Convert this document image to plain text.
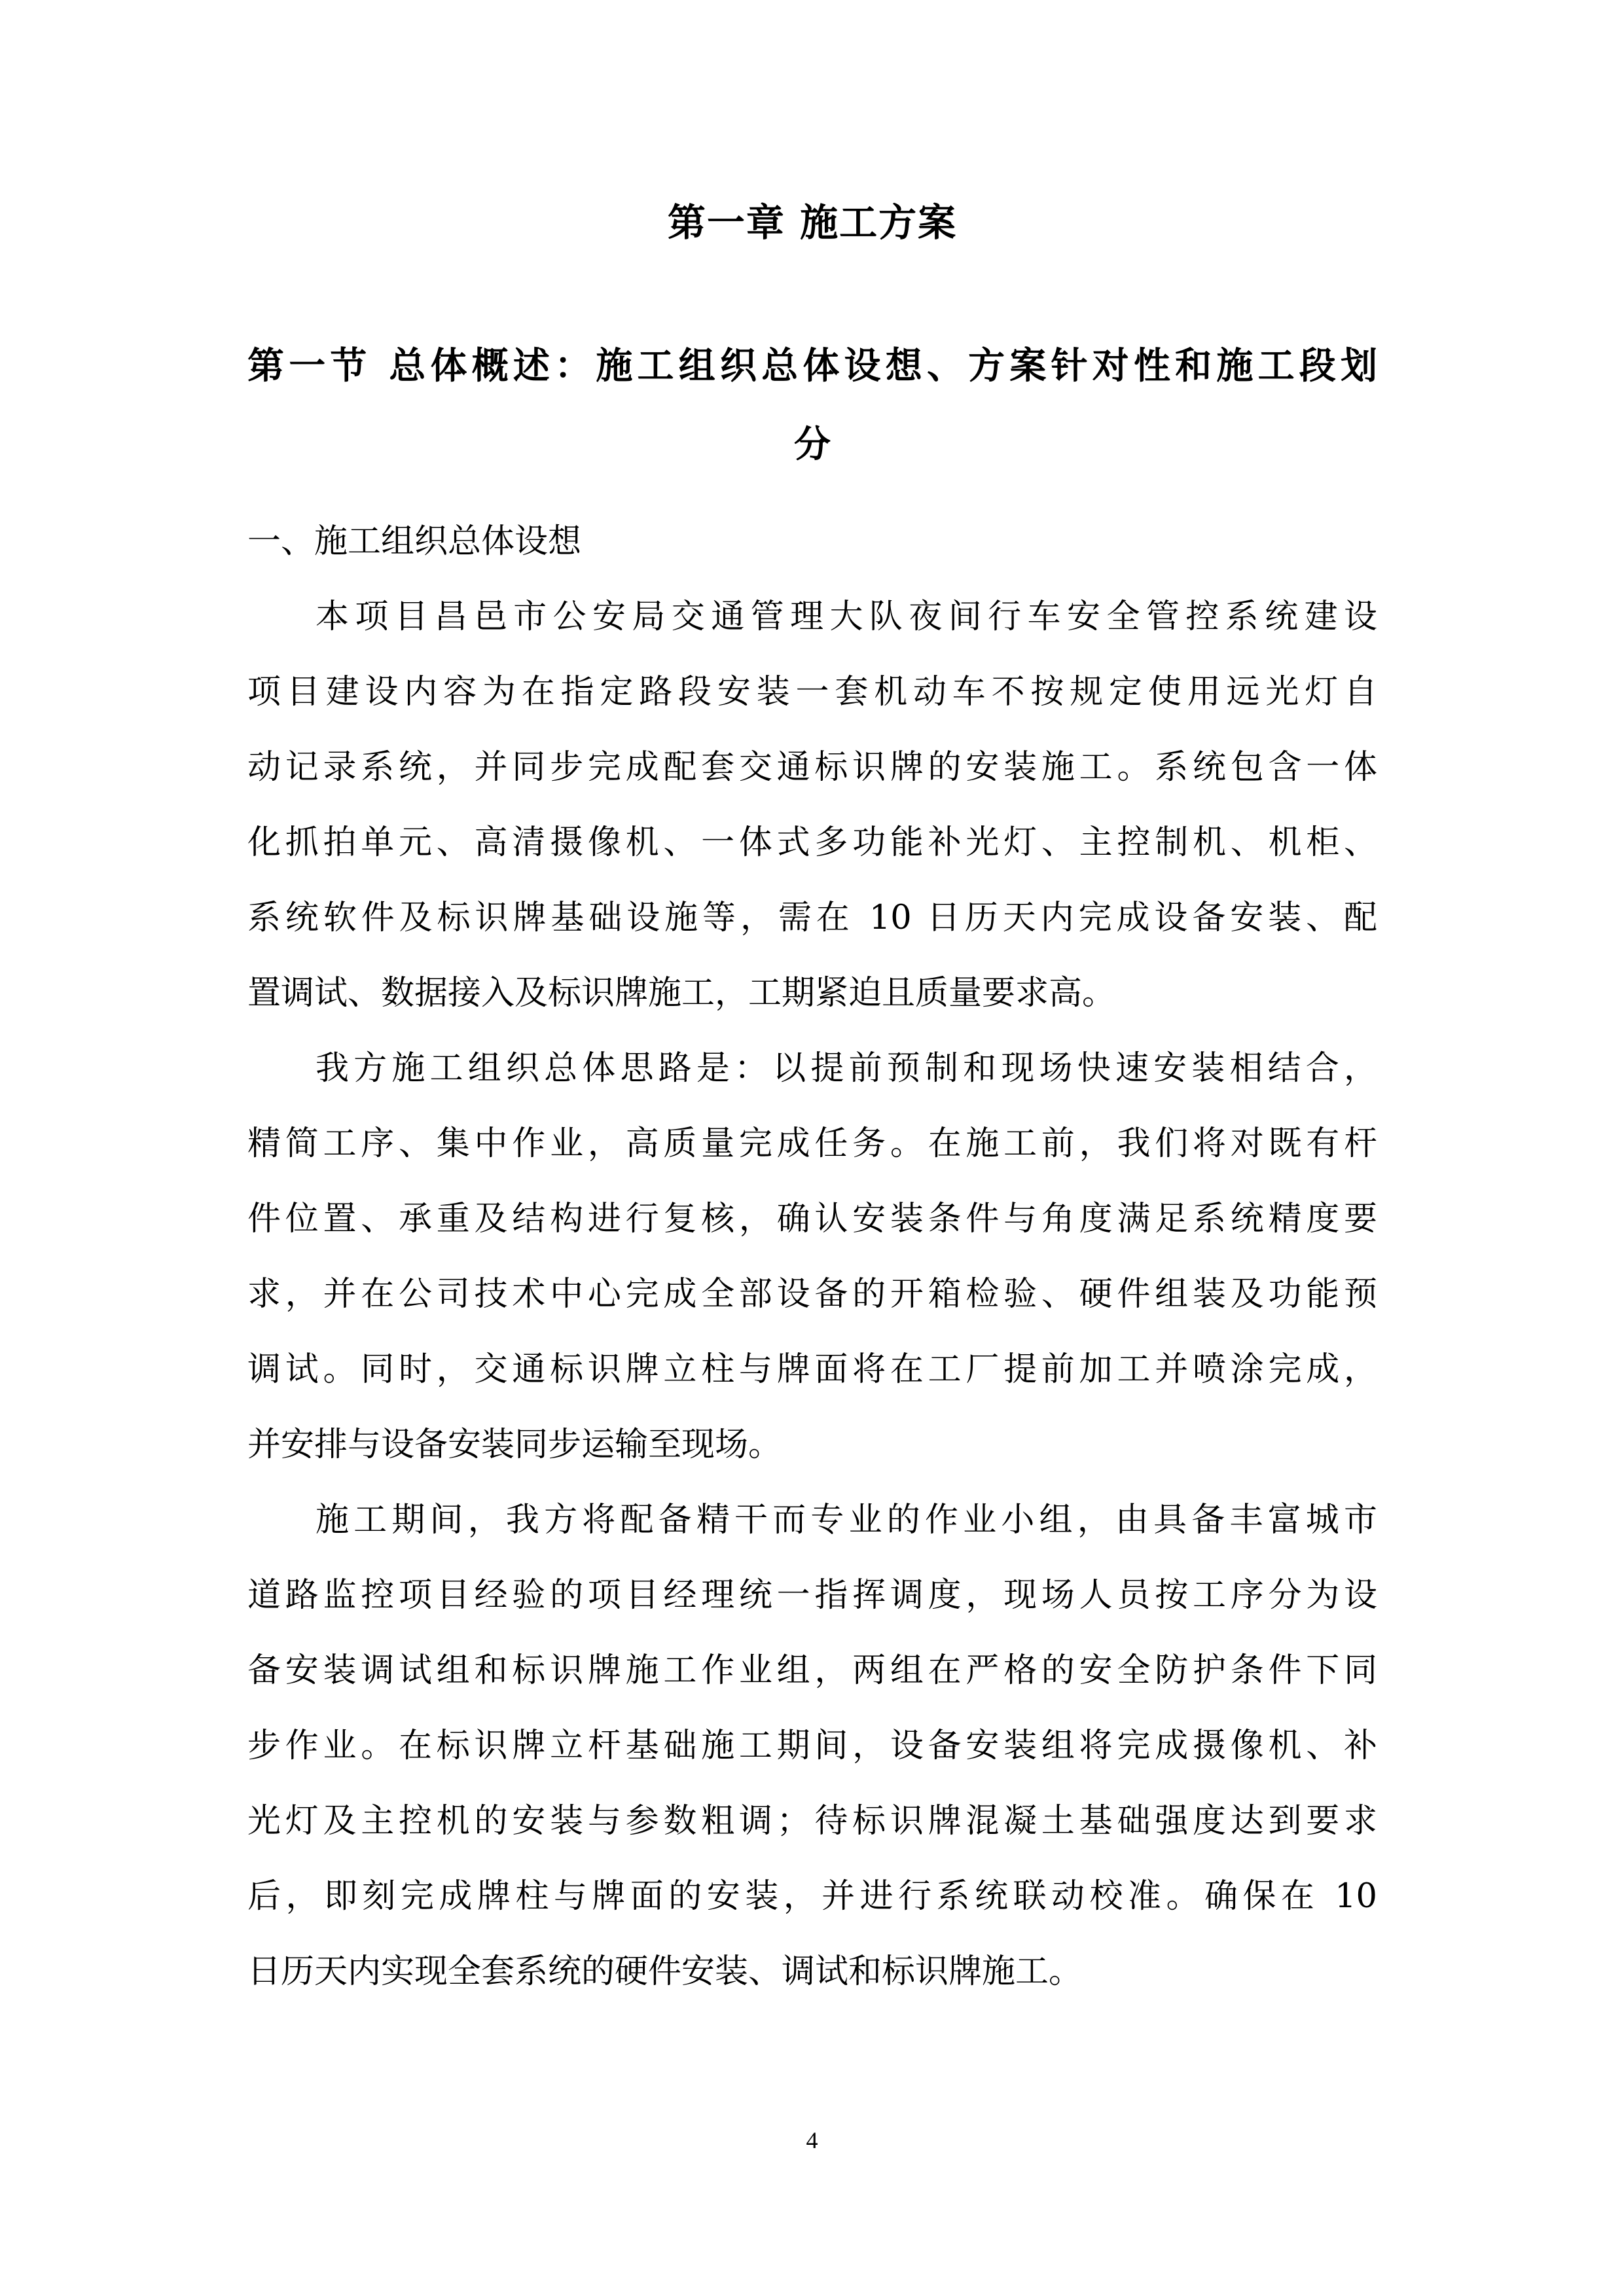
第一章 施工方案
第一节 总体概述：施工组织总体设想、方案针对性和施工段划
分
一、施工组织总体设想
本项目昌邑市公安局交通管理大队夜间行车安全管控系统建设
项目建设内容为在指定路段安装一套机动车不按规定使用远光灯自
动记录系统，并同步完成配套交通标识牌的安装施工。系统包含一体
化抓拍单元、高清摄像机、一体式多功能补光灯、主控制机、机柜、
系统软件及标识牌基础设施等，需在 10 日历天内完成设备安装、配
置调试、数据接入及标识牌施工，工期紧迫且质量要求高。
我方施工组织总体思路是：以提前预制和现场快速安装相结合，
精简工序、集中作业，高质量完成任务。在施工前，我们将对既有杆
件位置、承重及结构进行复核，确认安装条件与角度满足系统精度要
求，并在公司技术中心完成全部设备的开箱检验、硬件组装及功能预
调试。同时，交通标识牌立柱与牌面将在工厂提前加工并喷涂完成，
并安排与设备安装同步运输至现场。
施工期间，我方将配备精干而专业的作业小组，由具备丰富城市
道路监控项目经验的项目经理统一指挥调度，现场人员按工序分为设
备安装调试组和标识牌施工作业组，两组在严格的安全防护条件下同
步作业。在标识牌立杆基础施工期间，设备安装组将完成摄像机、补
光灯及主控机的安装与参数粗调；待标识牌混凝土基础强度达到要求
后，即刻完成牌柱与牌面的安装，并进行系统联动校准。确保在 10
日历天内实现全套系统的硬件安装、调试和标识牌施工。
4
